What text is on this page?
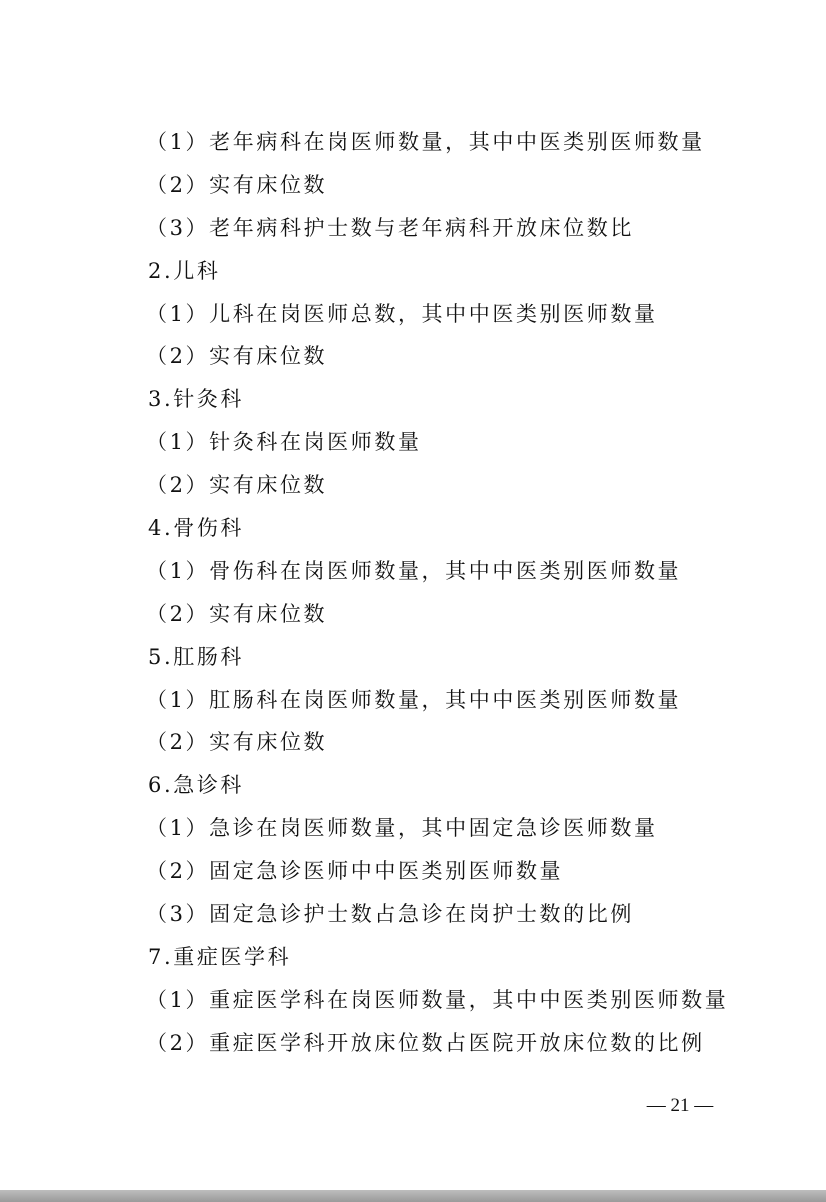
（1）老年病科在岗医师数量，其中中医类别医师数量
（2）实有床位数
（3）老年病科护士数与老年病科开放床位数比
2.儿科
（1）儿科在岗医师总数，其中中医类别医师数量
（2）实有床位数
3.针灸科
（1）针灸科在岗医师数量
（2）实有床位数
4.骨伤科
（1）骨伤科在岗医师数量，其中中医类别医师数量
（2）实有床位数
5.肛肠科
（1）肛肠科在岗医师数量，其中中医类别医师数量
（2）实有床位数
6.急诊科
（1）急诊在岗医师数量，其中固定急诊医师数量
（2）固定急诊医师中中医类别医师数量
（3）固定急诊护士数占急诊在岗护士数的比例
7.重症医学科
（1）重症医学科在岗医师数量，其中中医类别医师数量
（2）重症医学科开放床位数占医院开放床位数的比例
— 21 —
